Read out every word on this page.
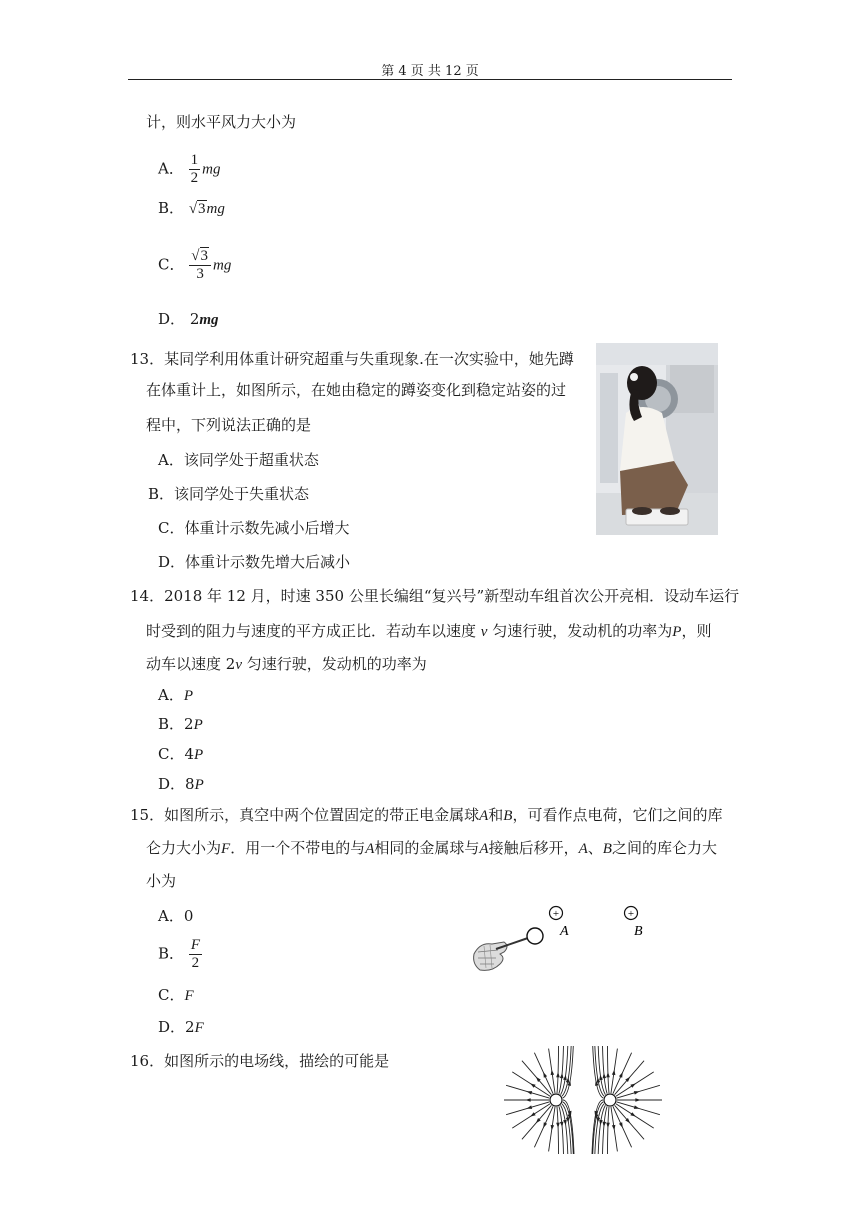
第 4 页 共 12 页
计，则水平风力大小为
A． $\frac{1}{2}$ mg
B． √3mg
C． $\frac{√3}{3}$ mg
D． 2mg
13．某同学利用体重计研究超重与失重现象.在一次实验中，她先蹲
在体重计上，如图所示，在她由稳定的蹲姿变化到稳定站姿的过
程中，下列说法正确的是
A．该同学处于超重状态
B．该同学处于失重状态
C．体重计示数先减小后增大
D．体重计示数先增大后减小
14．2018 年 12 月，时速 350 公里长编组“复兴号”新型动车组首次公开亮相．设动车运行
时受到的阻力与速度的平方成正比．若动车以速度 v 匀速行驶，发动机的功率为P，则
动车以速度 2v 匀速行驶，发动机的功率为
A．P
B．2P
C．4P
D．8P
15．如图所示，真空中两个位置固定的带正电金属球A和B，可看作点电荷，它们之间的库
仑力大小为F．用一个不带电的与A相同的金属球与A接触后移开，A、B之间的库仑力大
小为
A．0
B． $\frac{F}{2}$
C．F
D．2F
+
A
+
B
16．如图所示的电场线，描绘的可能是
